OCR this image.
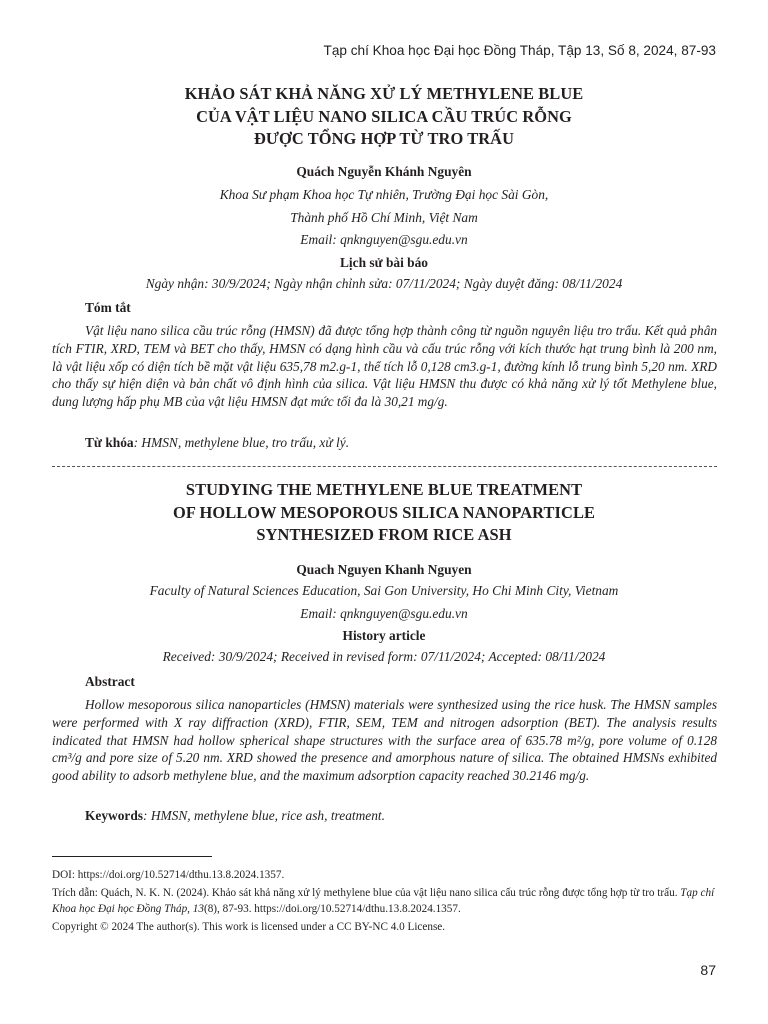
Tạp chí Khoa học Đại học Đồng Tháp, Tập 13, Số 8, 2024, 87-93
KHẢO SÁT KHẢ NĂNG XỬ LÝ METHYLENE BLUE
CỦA VẬT LIỆU NANO SILICA CẦU TRÚC RỖNG
ĐƯỢC TỔNG HỢP TỪ TRO TRẤU
Quách Nguyễn Khánh Nguyên
Khoa Sư phạm Khoa học Tự nhiên, Trường Đại học Sài Gòn,
Thành phố Hồ Chí Minh, Việt Nam
Email: qnknguyen@sgu.edu.vn
Lịch sử bài báo
Ngày nhận: 30/9/2024; Ngày nhận chỉnh sửa: 07/11/2024; Ngày duyệt đăng: 08/11/2024
Tóm tắt
Vật liệu nano silica cầu trúc rỗng (HMSN) đã được tổng hợp thành công từ nguồn nguyên liệu tro trấu. Kết quả phân tích FTIR, XRD, TEM và BET cho thấy, HMSN có dạng hình cầu và cấu trúc rỗng với kích thước hạt trung bình là 200 nm, là vật liệu xốp có diện tích bề mặt vật liệu 635,78 m2.g-1, thể tích lỗ 0,128 cm3.g-1, đường kính lỗ trung bình 5,20 nm. XRD cho thấy sự hiện diện và bản chất vô định hình của silica. Vật liệu HMSN thu được có khả năng xử lý tốt Methylene blue, dung lượng hấp phụ MB của vật liệu HMSN đạt mức tối đa là 30,21 mg/g.
Từ khóa: HMSN, methylene blue, tro trấu, xử lý.
STUDYING THE METHYLENE BLUE TREATMENT
OF HOLLOW MESOPOROUS SILICA NANOPARTICLE
SYNTHESIZED FROM RICE ASH
Quach Nguyen Khanh Nguyen
Faculty of Natural Sciences Education, Sai Gon University, Ho Chi Minh City, Vietnam
Email: qnknguyen@sgu.edu.vn
History article
Received: 30/9/2024; Received in revised form: 07/11/2024; Accepted: 08/11/2024
Abstract
Hollow mesoporous silica nanoparticles (HMSN) materials were synthesized using the rice husk. The HMSN samples were performed with X ray diffraction (XRD), FTIR, SEM, TEM and nitrogen adsorption (BET). The analysis results indicated that HMSN had hollow spherical shape structures with the surface area of 635.78 m²/g, pore volume of 0.128 cm³/g and pore size of 5.20 nm. XRD showed the presence and amorphous nature of silica. The obtained HMSNs exhibited good ability to adsorb methylene blue, and the maximum adsorption capacity reached 30.2146 mg/g.
Keywords: HMSN, methylene blue, rice ash, treatment.
DOI: https://doi.org/10.52714/dthu.13.8.2024.1357.
Trích dẫn: Quách, N. K. N. (2024). Khảo sát khả năng xử lý methylene blue của vật liệu nano silica cấu trúc rỗng được tổng hợp từ tro trấu. Tạp chí Khoa học Đại học Đồng Tháp, 13(8), 87-93. https://doi.org/10.52714/dthu.13.8.2024.1357.
Copyright © 2024 The author(s). This work is licensed under a CC BY-NC 4.0 License.
87
